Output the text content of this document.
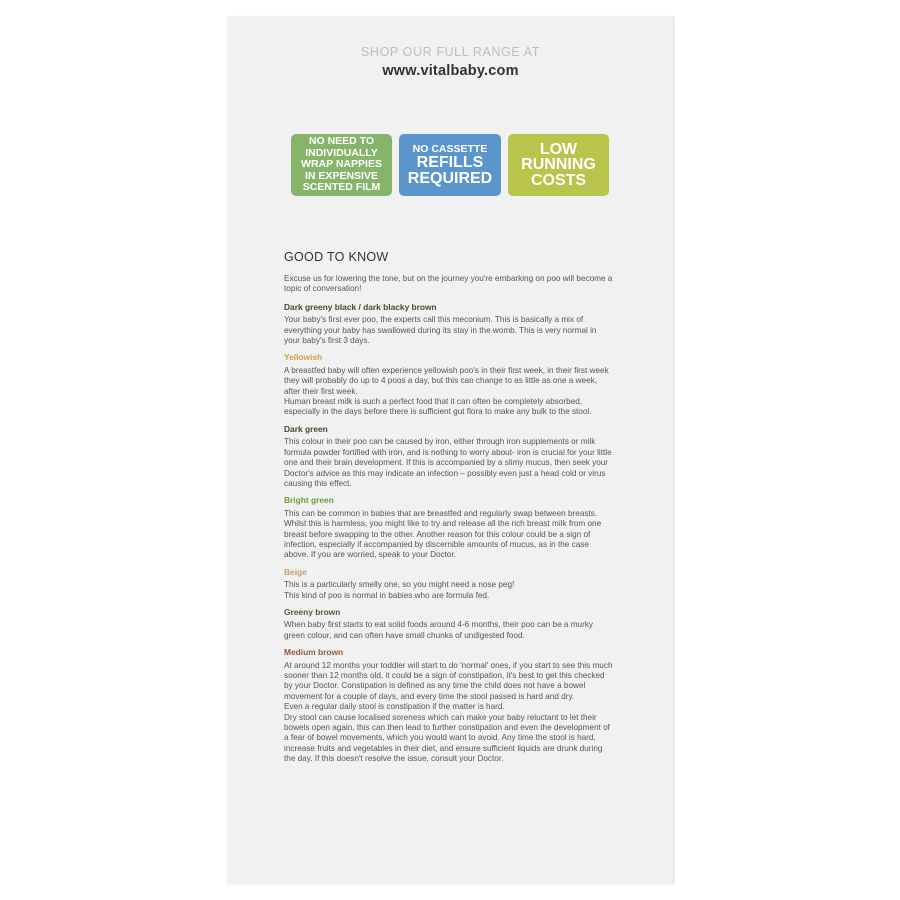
SHOP OUR FULL RANGE AT
www.vitalbaby.com
NO NEED TO
INDIVIDUALLY
WRAP NAPPIES
IN EXPENSIVE
SCENTED FILM
NO CASSETTE
REFILLS
REQUIRED
LOW
RUNNING
COSTS
GOOD TO KNOW

Excuse us for lowering the tone, but on the journey you're embarking on poo will become a topic of conversation!

Dark greeny black / dark blacky brown

Your baby's first ever poo, the experts call this meconium. This is basically a mix of everything your baby has swallowed during its stay in the womb. This is very normal in your baby's first 3 days.

Yellowish

A breastfed baby will often experience yellowish poo's in their first week, in their first week they will probably do up to 4 poos a day, but this can change to as little as one a week, after their first week.
Human breast milk is such a perfect food that it can often be completely absorbed, especially in the days before there is sufficient gut flora to make any bulk to the stool.

Dark green

This colour in their poo can be caused by iron, either through iron supplements or milk formula powder fortified with iron, and is nothing to worry about- iron is crucial for your little one and their brain development. If this is accompanied by a slimy mucus, then seek your Doctor's advice as this may indicate an infection – possibly even just a head cold or virus causing this effect.

Bright green

This can be common in babies that are breastfed and regularly swap between breasts. Whilst this is harmless, you might like to try and release all the rich breast milk from one breast before swapping to the other. Another reason for this colour could be a sign of infection, especially if accompanied by discernible amounts of mucus, as in the case above. If you are worried, speak to your Doctor.

Beige

This is a particularly smelly one, so you might need a nose peg!
This kind of poo is normal in babies who are formula fed.

Greeny brown

When baby first starts to eat solid foods around 4-6 months, their poo can be a murky green colour, and can often have small chunks of undigested food.

Medium brown

At around 12 months your toddler will start to do 'normal' ones, if you start to see this much sooner than 12 months old, it could be a sign of constipation, it's best to get this checked by your Doctor. Constipation is defined as any time the child does not have a bowel movement for a couple of days, and every time the stool passed is hard and dry.
Even a regular daily stool is constipation if the matter is hard.
Dry stool can cause localised soreness which can make your baby reluctant to let their bowels open again, this can then lead to further constipation and even the development of a fear of bowel movements, which you would want to avoid. Any time the stool is hard, increase fruits and vegetables in their diet, and ensure sufficient liquids are drunk during the day. If this doesn't resolve the issue, consult your Doctor.
